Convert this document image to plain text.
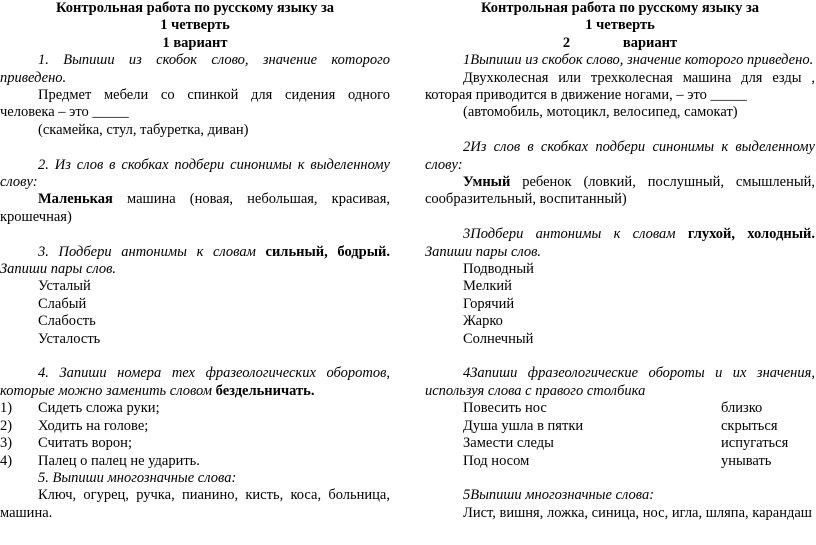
Контрольная работа по русскому языку за

1 четверть

1 вариант

1. Выпиши из скобок слово, значение которого приведено.

Предмет мебели со спинкой для сидения одного человека – это _____

(скамейка, стул, табуретка, диван)

2. Из слов в скобках подбери синонимы к выделенному слову:

Маленькая машина (новая, небольшая, красивая, крошечная)

3. Подбери антонимы к словам сильный, бодрый. Запиши пары слов.

Усталый

Слабый

Слабость

Усталость

4. Запиши номера тех фразеологических оборотов, которые можно заменить словом бездельничать.

1)	Сидеть сложа руки;
2)	Ходить на голове;
3)	Считать ворон;
4)	Палец о палец не ударить.

5. Выпиши многозначные слова:

Ключ, огурец, ручка, пианино, кисть, коса, больница, машина.

Контрольная работа по русскому языку за

1 четверть

2	вариант

1Выпиши из скобок слово, значение которого приведено.

Двухколесная или трехколесная машина для езды , которая приводится в движение ногами, – это _____

(автомобиль, мотоцикл, велосипед, самокат)

2Из слов в скобках подбери синонимы к выделенному слову:

Умный ребенок (ловкий, послушный, смышленый, сообразительный, воспитанный)

3Подбери антонимы к словам глухой, холодный. Запиши пары слов.

Подводный

Мелкий

Горячий

Жарко

Солнечный

4Запиши фразеологические обороты и их значения, используя слова с правого столбика

Повесить нос	близко
Душа ушла в пятки	скрыться
Замести следы	испугаться
Под носом	унывать

5Выпиши многозначные слова:

Лист, вишня, ложка, синица, нос, игла, шляпа, карандаш
